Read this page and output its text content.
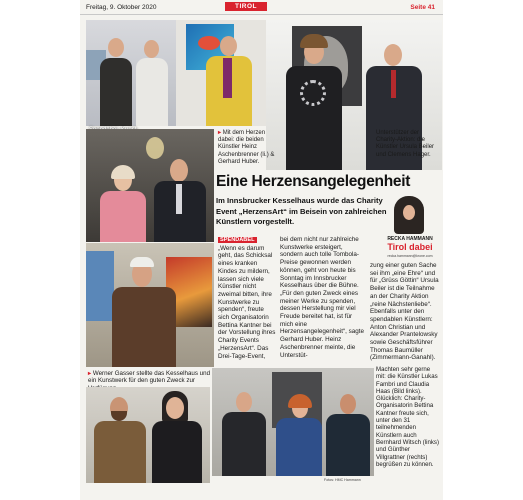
Freitag, 9. Oktober 2020	TIROL	Seite 41
Unterstützer der Charity-Aktion: die Künstler Ursula Beiler und Clemens Hager.
▸ Mit dem Herzen dabei: die beiden Künstler Heinz Aschenbrenner (li.) & Gerhard Huber.
Eine Herzensangelegenheit
Im Innsbrucker Kesselhaus wurde das Charity Event „HerzensArt“ im Beisein von zahlreichen Künstlern vorgestellt.
RECKA HAMMANN
Tirol dabei
recka.hammann@krone.com
▸ Werner Gasser stellte das Kesselhaus und ein Kunstwerk für den guten Zweck zur
SPENDABEL „Wenn es darum geht, das Schicksal eines kranken Kindes zu mildern, lassen sich viele Künstler nicht zweimal bitten, ihre Kunstwerke zu spenden“, freute sich Organisatorin Bettina Kantner bei der Vorstellung ihres Charity Events „HerzensArt“. Das Drei-Tage-Event,
bei dem nicht nur zahlreiche Kunstwerke ersteigert, sondern auch tolle Tombola-Preise gewonnen werden können, geht von heute bis Sonntag im Innsbrucker Kesselhaus über die Bühne. „Für den guten Zweck eines meiner Werke zu spenden, dessen Herstellung mir viel Freude bereitet hat, ist für mich eine Herzensangelegenheit“, sagte Gerhard Huber. Heinz Aschenbrenner meinte, die Unterstüt-
zung einer guten Sache sei ihm „eine Ehre“ und für „Grüss Göttin“ Ursula Beiler ist die Teilnahme an der Charity Aktion „reine Nächstenliebe“. Ebenfalls unter den spendablen Künstlern: Anton Christian und Alexander Prantelowsky sowie Geschäftsführer Thomas Baumüller (Zimmermann-Ganahl).
Machten sehr gerne mit: die Künstler Lukas Fambri und Claudia Haas (Bild links). Glücklich: Charity-Organisatorin Bettina Kantner freute sich, unter den 31 teilnehmenden Künstlern auch Bernhard Witsch (links) und Günther Villgrattner (rechts) begrüßen zu können.
Fotos: HMC Hammann
